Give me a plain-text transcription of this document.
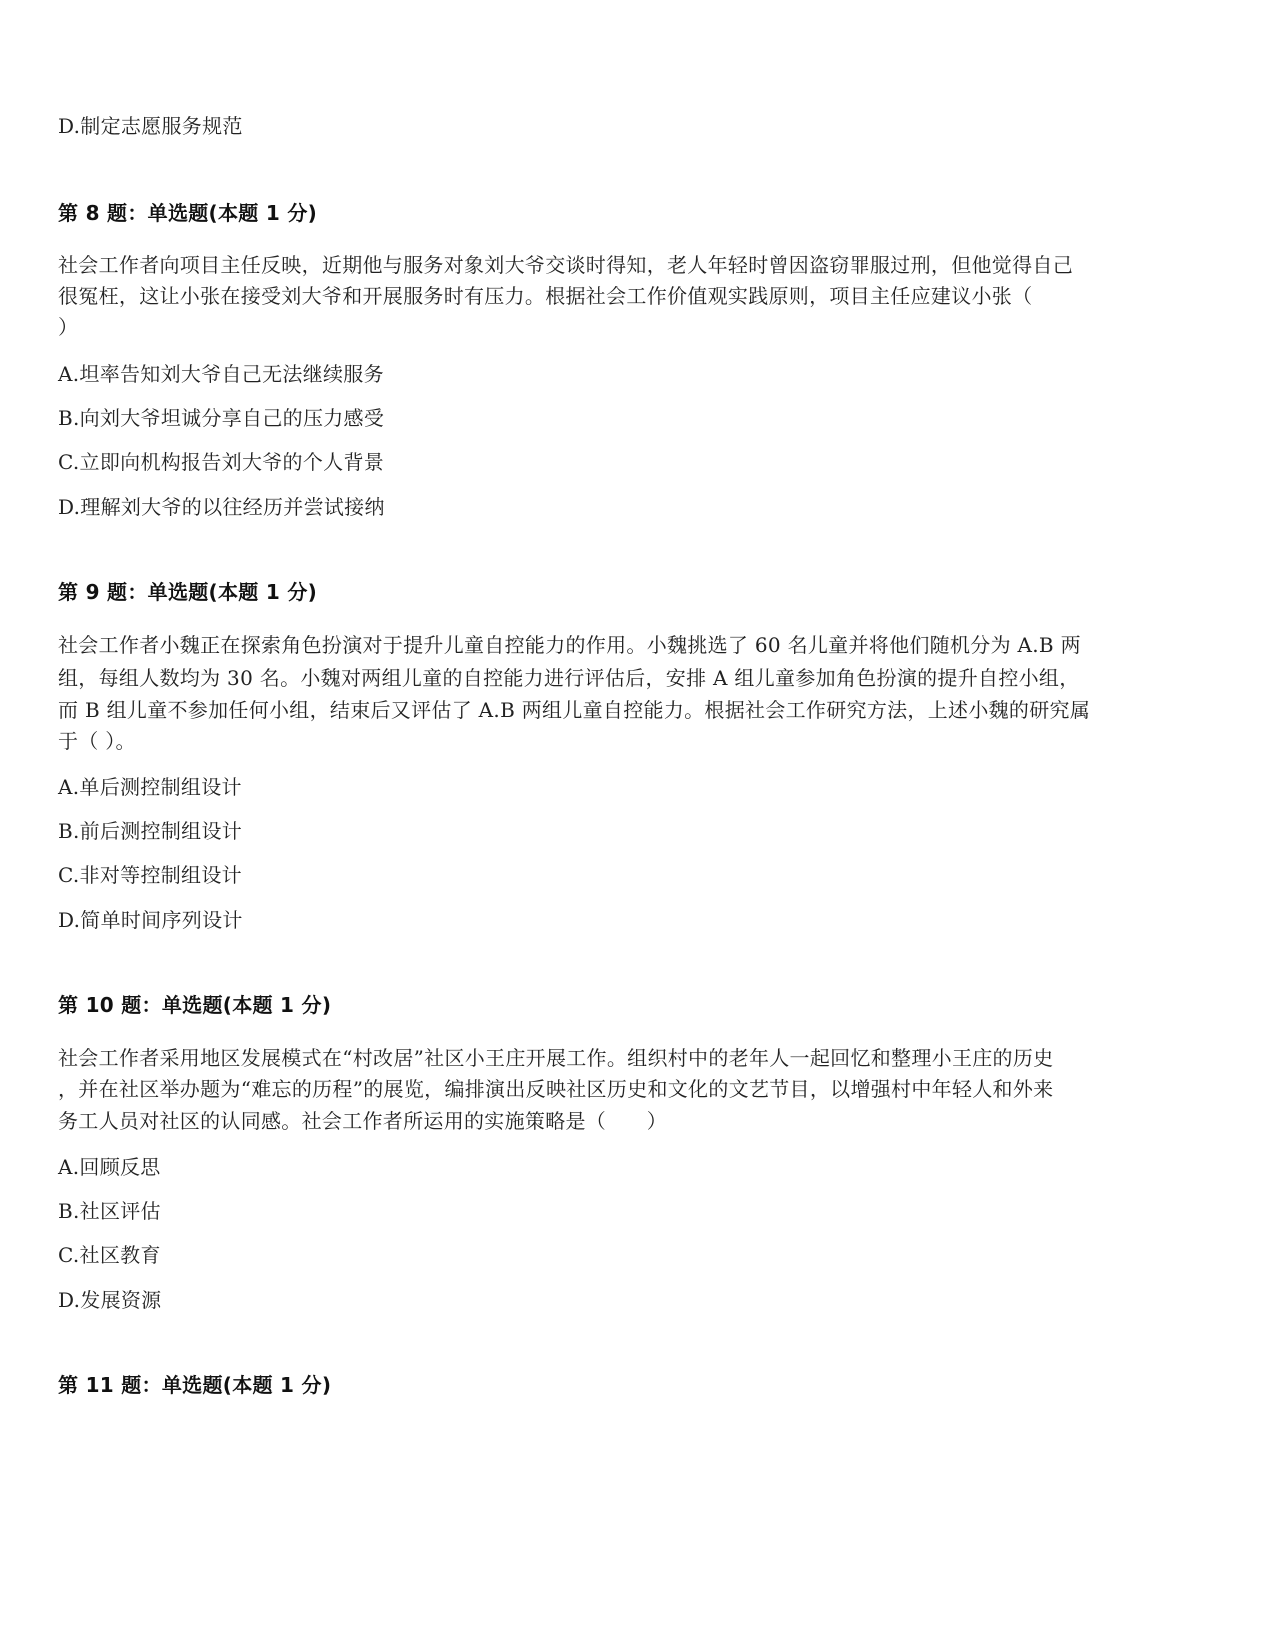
D.制定志愿服务规范
第 8 题：单选题(本题 1 分)
社会工作者向项目主任反映，近期他与服务对象刘大爷交谈时得知，老人年轻时曾因盗窃罪服过刑，但他觉得自己
很冤枉，这让小张在接受刘大爷和开展服务时有压力。根据社会工作价值观实践原则，项目主任应建议小张（
）
A.坦率告知刘大爷自己无法继续服务
B.向刘大爷坦诚分享自己的压力感受
C.立即向机构报告刘大爷的个人背景
D.理解刘大爷的以往经历并尝试接纳
第 9 题：单选题(本题 1 分)
社会工作者小魏正在探索角色扮演对于提升儿童自控能力的作用。小魏挑选了 60 名儿童并将他们随机分为 A.B 两
组，每组人数均为 30 名。小魏对两组儿童的自控能力进行评估后，安排 A 组儿童参加角色扮演的提升自控小组，
而 B 组儿童不参加任何小组，结束后又评估了 A.B 两组儿童自控能力。根据社会工作研究方法，上述小魏的研究属
于（ ）。
A.单后测控制组设计
B.前后测控制组设计
C.非对等控制组设计
D.简单时间序列设计
第 10 题：单选题(本题 1 分)
社会工作者采用地区发展模式在“村改居”社区小王庄开展工作。组织村中的老年人一起回忆和整理小王庄的历史
，并在社区举办题为“难忘的历程”的展览，编排演出反映社区历史和文化的文艺节目，以增强村中年轻人和外来
务工人员对社区的认同感。社会工作者所运用的实施策略是（　　）
A.回顾反思
B.社区评估
C.社区教育
D.发展资源
第 11 题：单选题(本题 1 分)
